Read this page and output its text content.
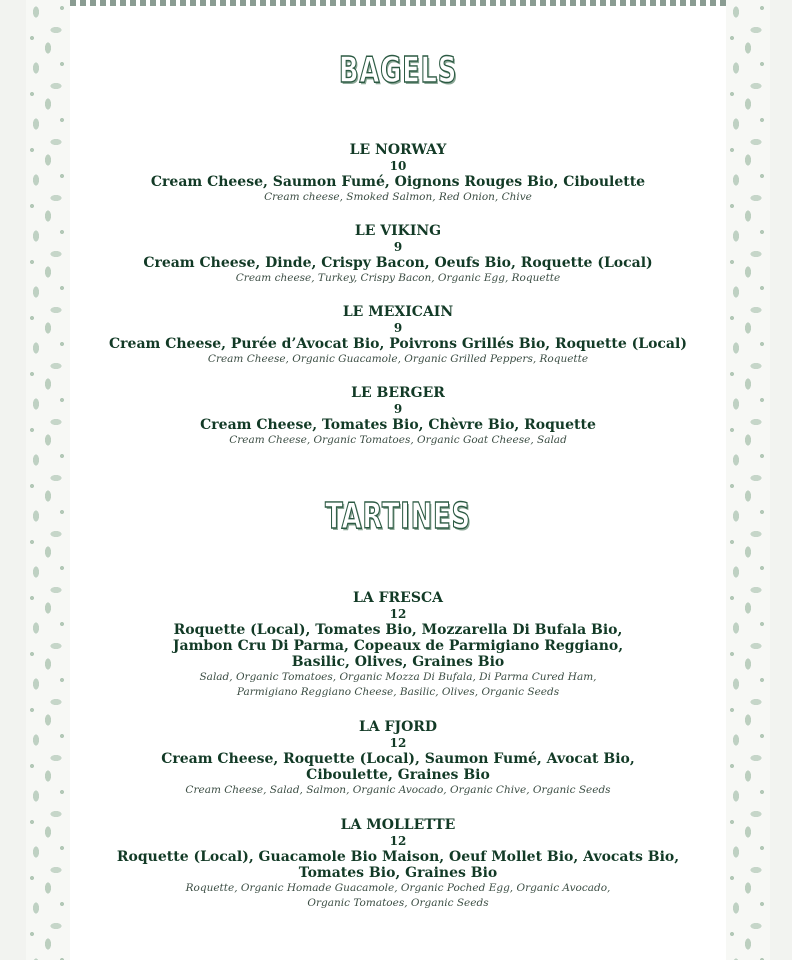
BAGELS
LE NORWAY
10
Cream Cheese, Saumon Fumé, Oignons Rouges Bio, Ciboulette
Cream cheese, Smoked Salmon, Red Onion, Chive
LE VIKING
9
Cream Cheese, Dinde, Crispy Bacon, Oeufs Bio, Roquette (Local)
Cream cheese, Turkey, Crispy Bacon, Organic Egg, Roquette
LE MEXICAIN
9
Cream Cheese, Purée d’Avocat Bio, Poivrons Grillés Bio, Roquette (Local)
Cream Cheese, Organic Guacamole, Organic Grilled Peppers, Roquette
LE BERGER
9
Cream Cheese, Tomates Bio, Chèvre Bio, Roquette
Cream Cheese, Organic Tomatoes, Organic Goat Cheese, Salad
TARTINES
LA FRESCA
12
Roquette (Local), Tomates Bio, Mozzarella Di Bufala Bio,
Jambon Cru Di Parma, Copeaux de Parmigiano Reggiano,
Basilic, Olives, Graines Bio
Salad, Organic Tomatoes, Organic Mozza Di Bufala, Di Parma Cured Ham,
Parmigiano Reggiano Cheese, Basilic, Olives, Organic Seeds
LA FJORD
12
Cream Cheese, Roquette (Local), Saumon Fumé, Avocat Bio,
Ciboulette, Graines Bio
Cream Cheese, Salad, Salmon, Organic Avocado, Organic Chive, Organic Seeds
LA MOLLETTE
12
Roquette (Local), Guacamole Bio Maison, Oeuf Mollet Bio, Avocats Bio,
Tomates Bio, Graines Bio
Roquette, Organic Homade Guacamole, Organic Poched Egg, Organic Avocado,
Organic Tomatoes, Organic Seeds
